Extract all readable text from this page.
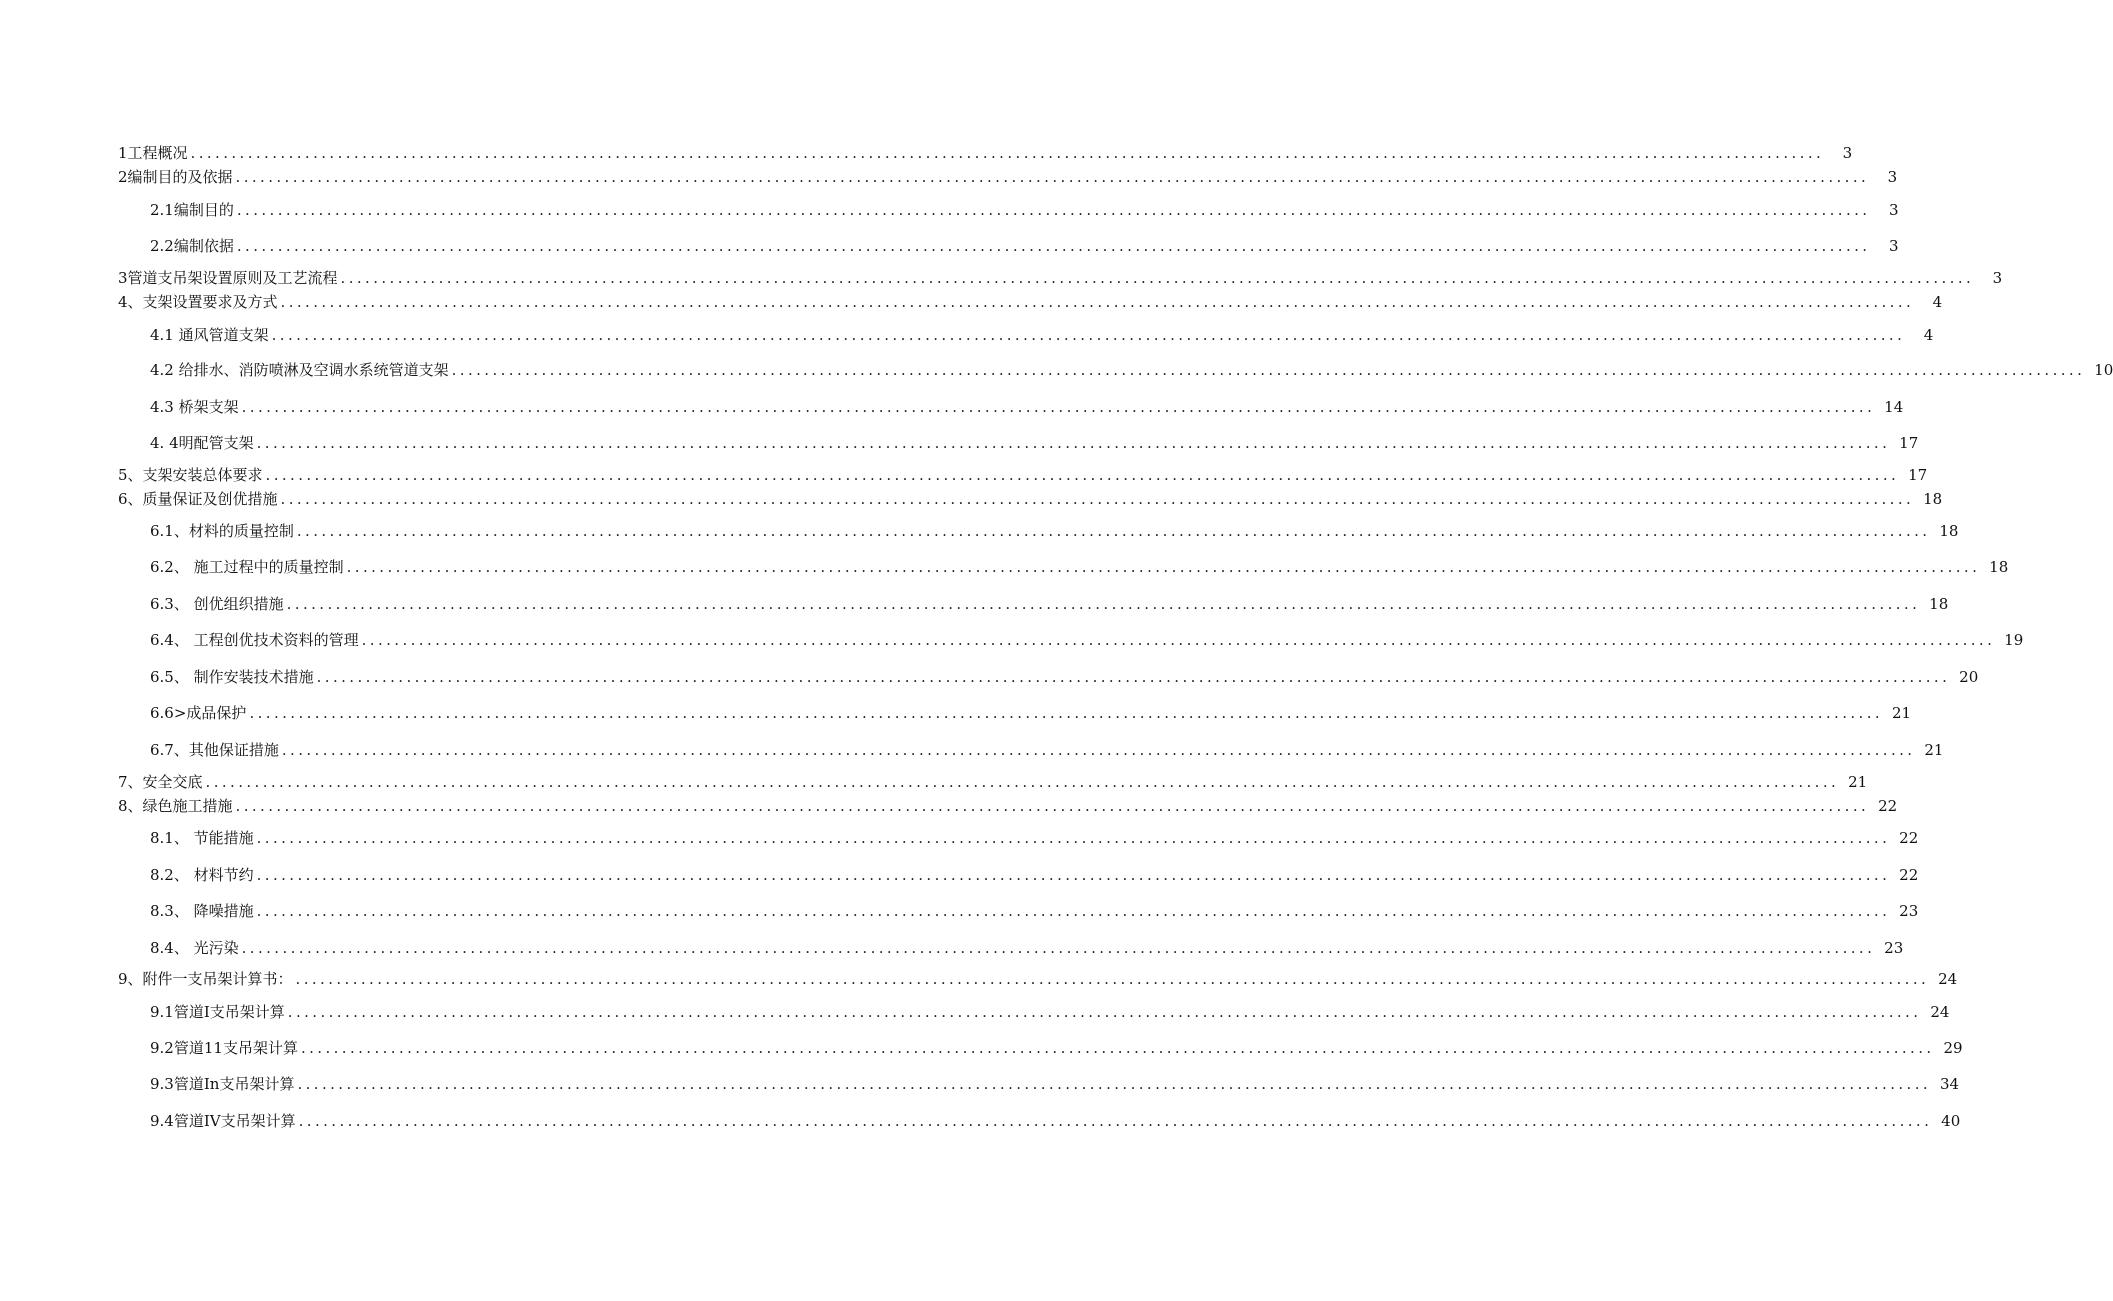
1工程概况 ........................................................................................................................................................................................................	3
2编制目的及依据 ........................................................................................................................................................................................................	3
2.1编制目的 ........................................................................................................................................................................................................	3
2.2编制依据 ........................................................................................................................................................................................................	3
3管道支吊架设置原则及工艺流程 ........................................................................................................................................................................................................	3
4、支架设置要求及方式 ........................................................................................................................................................................................................	4
4.1 通风管道支架 ........................................................................................................................................................................................................	4
4.2 给排水、消防喷淋及空调水系统管道支架 ........................................................................................................................................................................................................ 10
4.3 桥架支架 ........................................................................................................................................................................................................ 14
4. 4明配管支架 ........................................................................................................................................................................................................ 17
5、支架安装总体要求 ........................................................................................................................................................................................................ 17
6、质量保证及创优措施 ........................................................................................................................................................................................................ 18
6.1、材料的质量控制 ........................................................................................................................................................................................................ 18
6.2、 施工过程中的质量控制 ........................................................................................................................................................................................................ 18
6.3、 创优组织措施 ........................................................................................................................................................................................................ 18
6.4、 工程创优技术资料的管理 ........................................................................................................................................................................................................ 19
6.5、 制作安装技术措施 ........................................................................................................................................................................................................ 20
6.6>成品保护 ........................................................................................................................................................................................................ 21
6.7、其他保证措施 ........................................................................................................................................................................................................ 21
7、安全交底 ........................................................................................................................................................................................................ 21
8、绿色施工措施 ........................................................................................................................................................................................................ 22
8.1、 节能措施 ........................................................................................................................................................................................................ 22
8.2、 材料节约 ........................................................................................................................................................................................................ 22
8.3、 降噪措施 ........................................................................................................................................................................................................ 23
8.4、 光污染 ........................................................................................................................................................................................................ 23
9、附件一支吊架计算书： ........................................................................................................................................................................................................ 24
9.1管道I支吊架计算 ........................................................................................................................................................................................................ 24
9.2管道11支吊架计算 ........................................................................................................................................................................................................ 29
9.3管道In支吊架计算 ........................................................................................................................................................................................................ 34
9.4管道IV支吊架计算 ........................................................................................................................................................................................................ 40
